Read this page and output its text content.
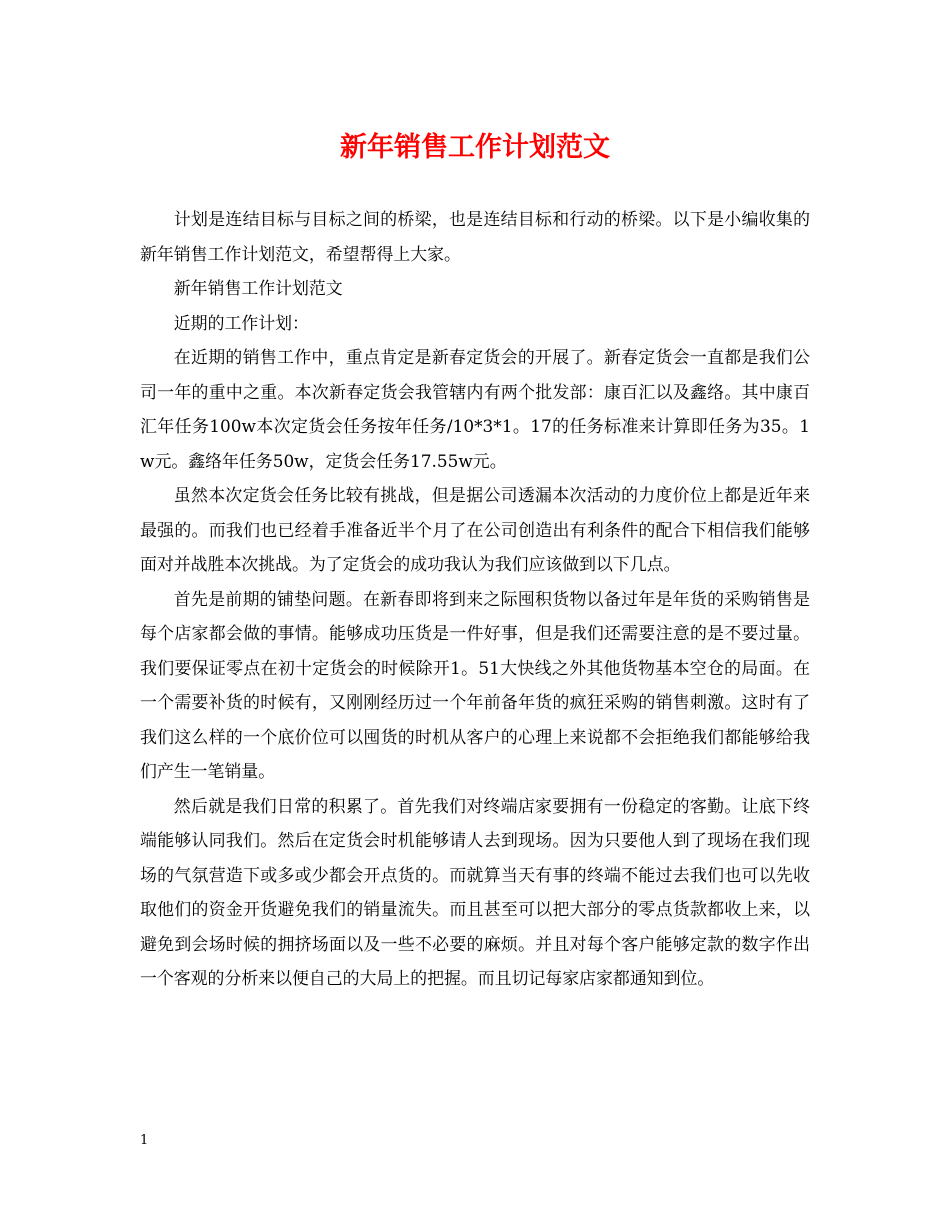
新年销售工作计划范文

计划是连结目标与目标之间的桥梁，也是连结目标和行动的桥梁。以下是小编收集的新年销售工作计划范文，希望帮得上大家。

新年销售工作计划范文

近期的工作计划：

在近期的销售工作中，重点肯定是新春定货会的开展了。新春定货会一直都是我们公司一年的重中之重。本次新春定货会我管辖内有两个批发部：康百汇以及鑫络。其中康百汇年任务100w本次定货会任务按年任务/10*3*1。17的任务标准来计算即任务为35。1w元。鑫络年任务50w，定货会任务17.55w元。

虽然本次定货会任务比较有挑战，但是据公司透漏本次活动的力度价位上都是近年来最强的。而我们也已经着手准备近半个月了在公司创造出有利条件的配合下相信我们能够面对并战胜本次挑战。为了定货会的成功我认为我们应该做到以下几点。

首先是前期的铺垫问题。在新春即将到来之际囤积货物以备过年是年货的采购销售是每个店家都会做的事情。能够成功压货是一件好事，但是我们还需要注意的是不要过量。我们要保证零点在初十定货会的时候除开1。51大快线之外其他货物基本空仓的局面。在一个需要补货的时候有，又刚刚经历过一个年前备年货的疯狂采购的销售刺激。这时有了我们这么样的一个底价位可以囤货的时机从客户的心理上来说都不会拒绝我们都能够给我们产生一笔销量。

然后就是我们日常的积累了。首先我们对终端店家要拥有一份稳定的客勤。让底下终端能够认同我们。然后在定货会时机能够请人去到现场。因为只要他人到了现场在我们现场的气氛营造下或多或少都会开点货的。而就算当天有事的终端不能过去我们也可以先收取他们的资金开货避免我们的销量流失。而且甚至可以把大部分的零点货款都收上来，以避免到会场时候的拥挤场面以及一些不必要的麻烦。并且对每个客户能够定款的数字作出一个客观的分析来以便自己的大局上的把握。而且切记每家店家都通知到位。

1
